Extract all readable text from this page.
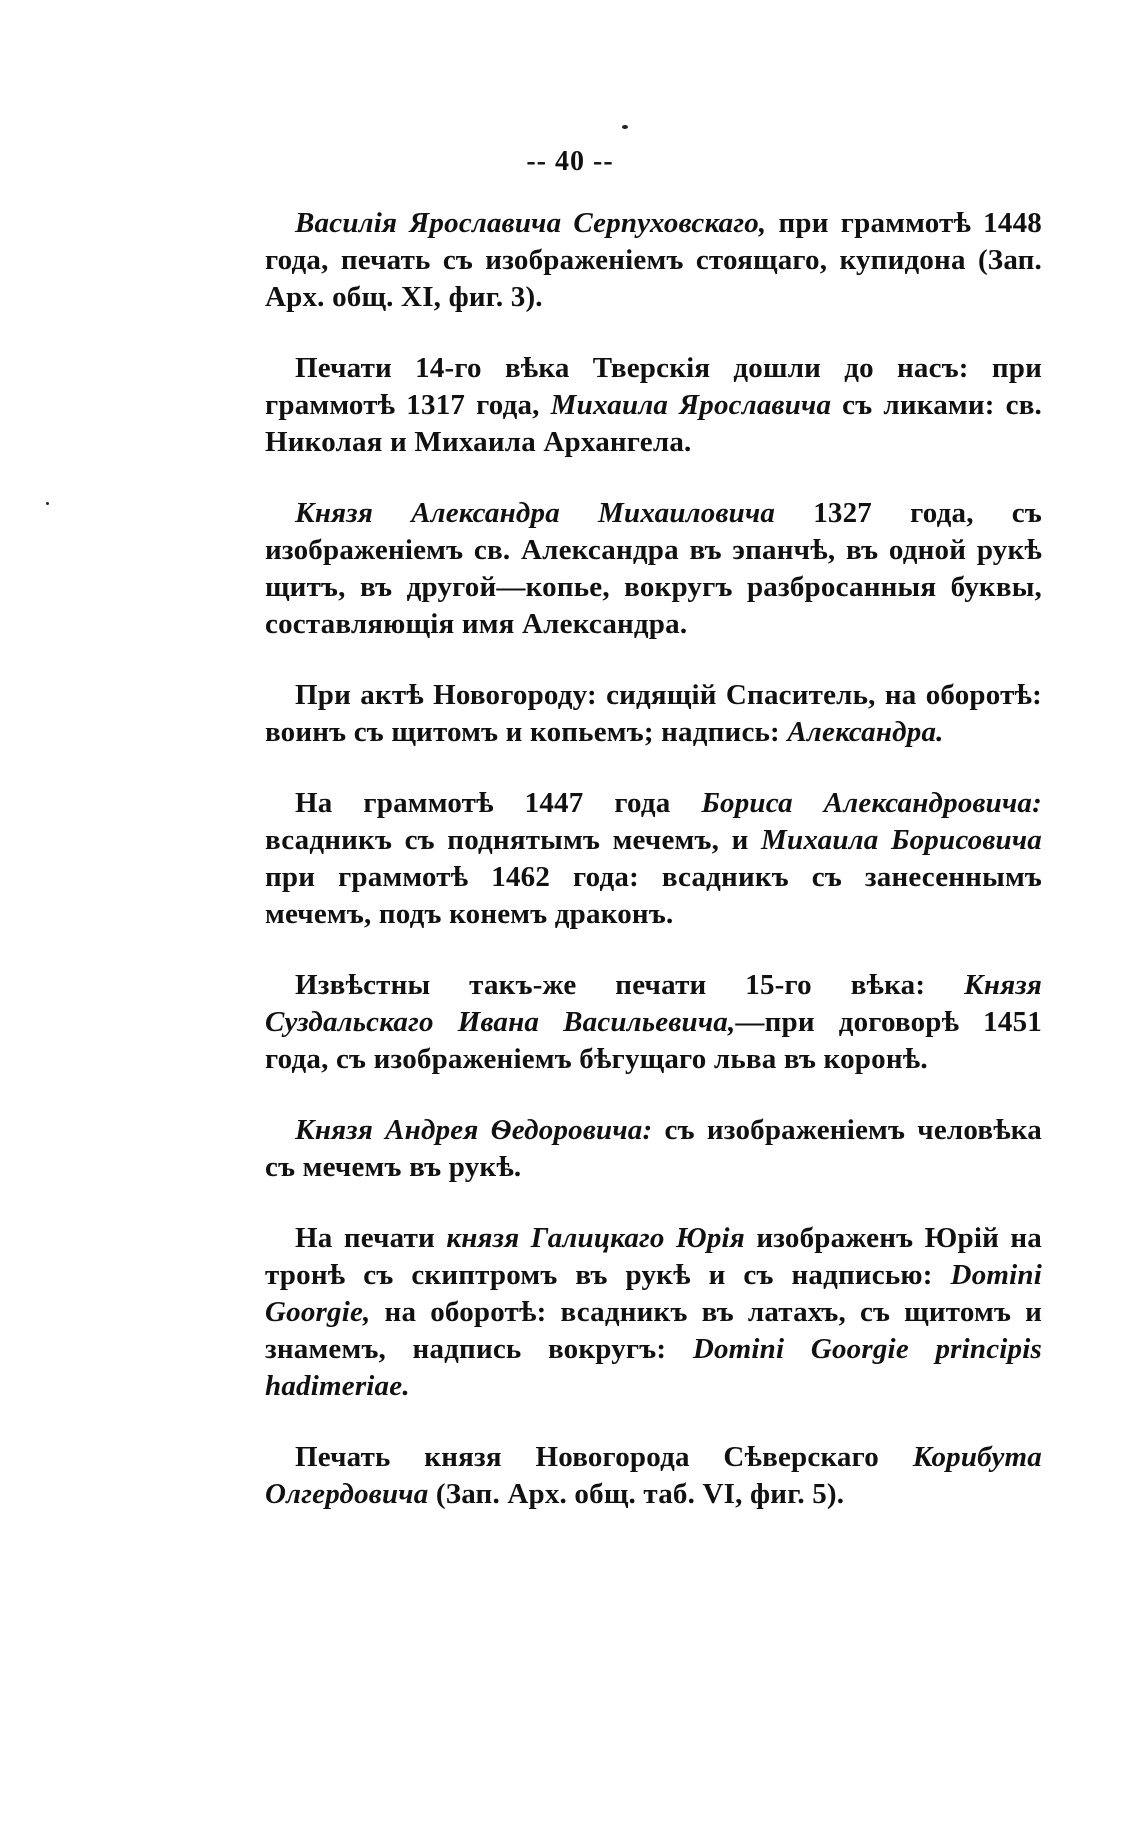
-- 40 --

Василія Ярославича Серпуховскаго, при граммотѣ 1448 года, печать съ изображеніемъ стоящаго, купидона (Зап. Арх. общ. XI, фиг. 3).

Печати 14-го вѣка Тверскія дошли до насъ: при граммотѣ 1317 года, Михаила Ярославича съ ликами: св. Николая и Михаила Архангела.

Князя Александра Михаиловича 1327 года, съ изображеніемъ св. Александра въ эпанчѣ, въ одной рукѣ щитъ, въ другой—копье, вокругъ разбросанныя буквы, составляющія имя Александра.

При актѣ Новогороду: сидящій Спаситель, на оборотѣ: воинъ съ щитомъ и копьемъ; надпись: Александра.

На граммотѣ 1447 года Бориса Александровича: всадникъ съ поднятымъ мечемъ, и Михаила Борисовича при граммотѣ 1462 года: всадникъ съ занесеннымъ мечемъ, подъ конемъ драконъ.

Извѣстны такъ-же печати 15-го вѣка: Князя Суздальскаго Ивана Васильевича,—при договорѣ 1451 года, съ изображеніемъ бѣгущаго льва въ коронѣ.

Князя Андрея Ѳедоровича: съ изображеніемъ человѣка съ мечемъ въ рукѣ.

На печати князя Галицкаго Юрія изображенъ Юрій на тронѣ съ скиптромъ въ рукѣ и съ надписью: Domini Goorgie, на оборотѣ: всадникъ въ латахъ, съ щитомъ и знамемъ, надпись вокругъ: Domini Goorgie principis hadimeriae.

Печать князя Новогорода Сѣверскаго Корибута Олгердовича (Зап. Арх. общ. таб. VI, фиг. 5).
